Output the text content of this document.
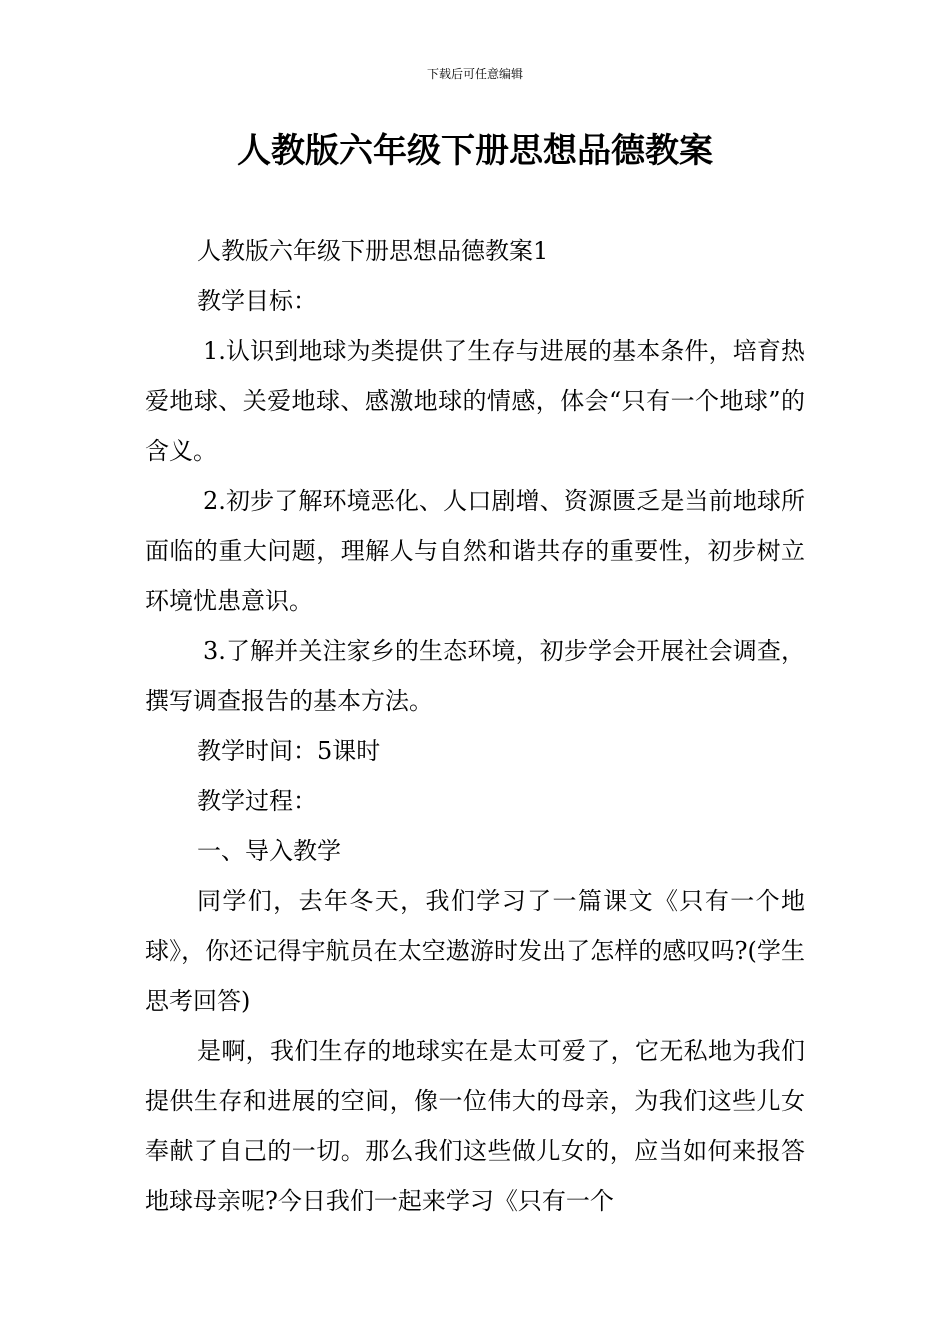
下载后可任意编辑
人教版六年级下册思想品德教案

人教版六年级下册思想品德教案1

教学目标：

1.认识到地球为类提供了生存与进展的基本条件，培育热爱地球、关爱地球、感激地球的情感，体会“只有一个地球”的含义。

2.初步了解环境恶化、人口剧增、资源匮乏是当前地球所面临的重大问题，理解人与自然和谐共存的重要性，初步树立环境忧患意识。

3.了解并关注家乡的生态环境，初步学会开展社会调查，撰写调查报告的基本方法。

教学时间：5课时

教学过程：

一、导入教学

同学们，去年冬天，我们学习了一篇课文《只有一个地球》，你还记得宇航员在太空遨游时发出了怎样的感叹吗?(学生思考回答)

是啊，我们生存的地球实在是太可爱了，它无私地为我们提供生存和进展的空间，像一位伟大的母亲，为我们这些儿女奉献了自己的一切。那么我们这些做儿女的，应当如何来报答地球母亲呢?今日我们一起来学习《只有一个
